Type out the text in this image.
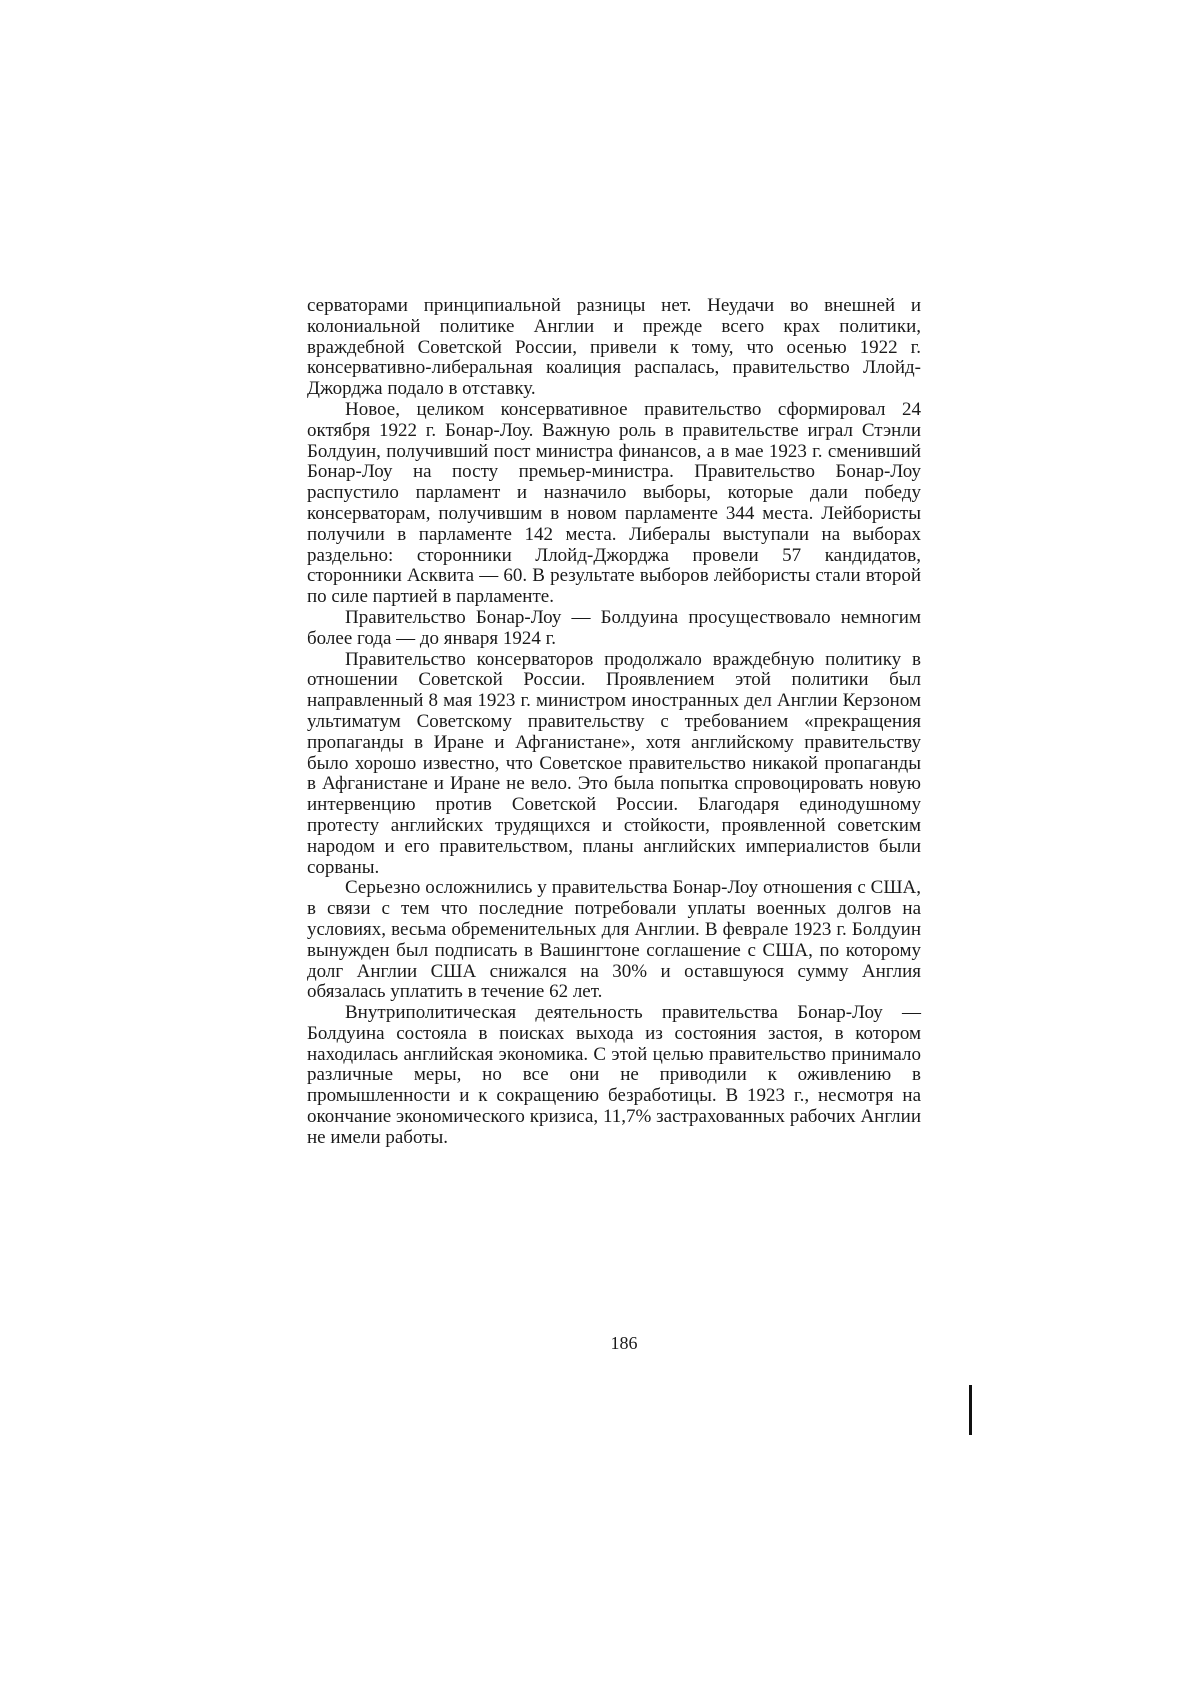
серваторами принципиальной разницы нет. Неудачи во внешней и колониальной политике Англии и прежде всего крах политики, враждебной Советской России, привели к тому, что осенью 1922 г. консервативно-либеральная коалиция распалась, правительство Ллойд-Джорджа подало в отставку.

Новое, целиком консервативное правительство сформировал 24 октября 1922 г. Бонар-Лоу. Важную роль в правительстве играл Стэнли Болдуин, получивший пост министра финансов, а в мае 1923 г. сменивший Бонар-Лоу на посту премьер-министра. Правительство Бонар-Лоу распустило парламент и назначило выборы, которые дали победу консерваторам, получившим в новом парламенте 344 места. Лейбористы получили в парламенте 142 места. Либералы выступали на выборах раздельно: сторонники Ллойд-Джорджа провели 57 кандидатов, сторонники Асквита — 60. В результате выборов лейбористы стали второй по силе партией в парламенте.

Правительство Бонар-Лоу — Болдуина просуществовало немногим более года — до января 1924 г.

Правительство консерваторов продолжало враждебную политику в отношении Советской России. Проявлением этой политики был направленный 8 мая 1923 г. министром иностранных дел Англии Керзоном ультиматум Советскому правительству с требованием «прекращения пропаганды в Иране и Афганистане», хотя английскому правительству было хорошо известно, что Советское правительство никакой пропаганды в Афганистане и Иране не вело. Это была попытка спровоцировать новую интервенцию против Советской России. Благодаря единодушному протесту английских трудящихся и стойкости, проявленной советским народом и его правительством, планы английских империалистов были сорваны.

Серьезно осложнились у правительства Бонар-Лоу отношения с США, в связи с тем что последние потребовали уплаты военных долгов на условиях, весьма обременительных для Англии. В феврале 1923 г. Болдуин вынужден был подписать в Вашингтоне соглашение с США, по которому долг Англии США снижался на 30% и оставшуюся сумму Англия обязалась уплатить в течение 62 лет.

Внутриполитическая деятельность правительства Бонар-Лоу — Болдуина состояла в поисках выхода из состояния застоя, в котором находилась английская экономика. С этой целью правительство принимало различные меры, но все они не приводили к оживлению в промышленности и к сокращению безработицы. В 1923 г., несмотря на окончание экономического кризиса, 11,7% застрахованных рабочих Англии не имели работы.

186
